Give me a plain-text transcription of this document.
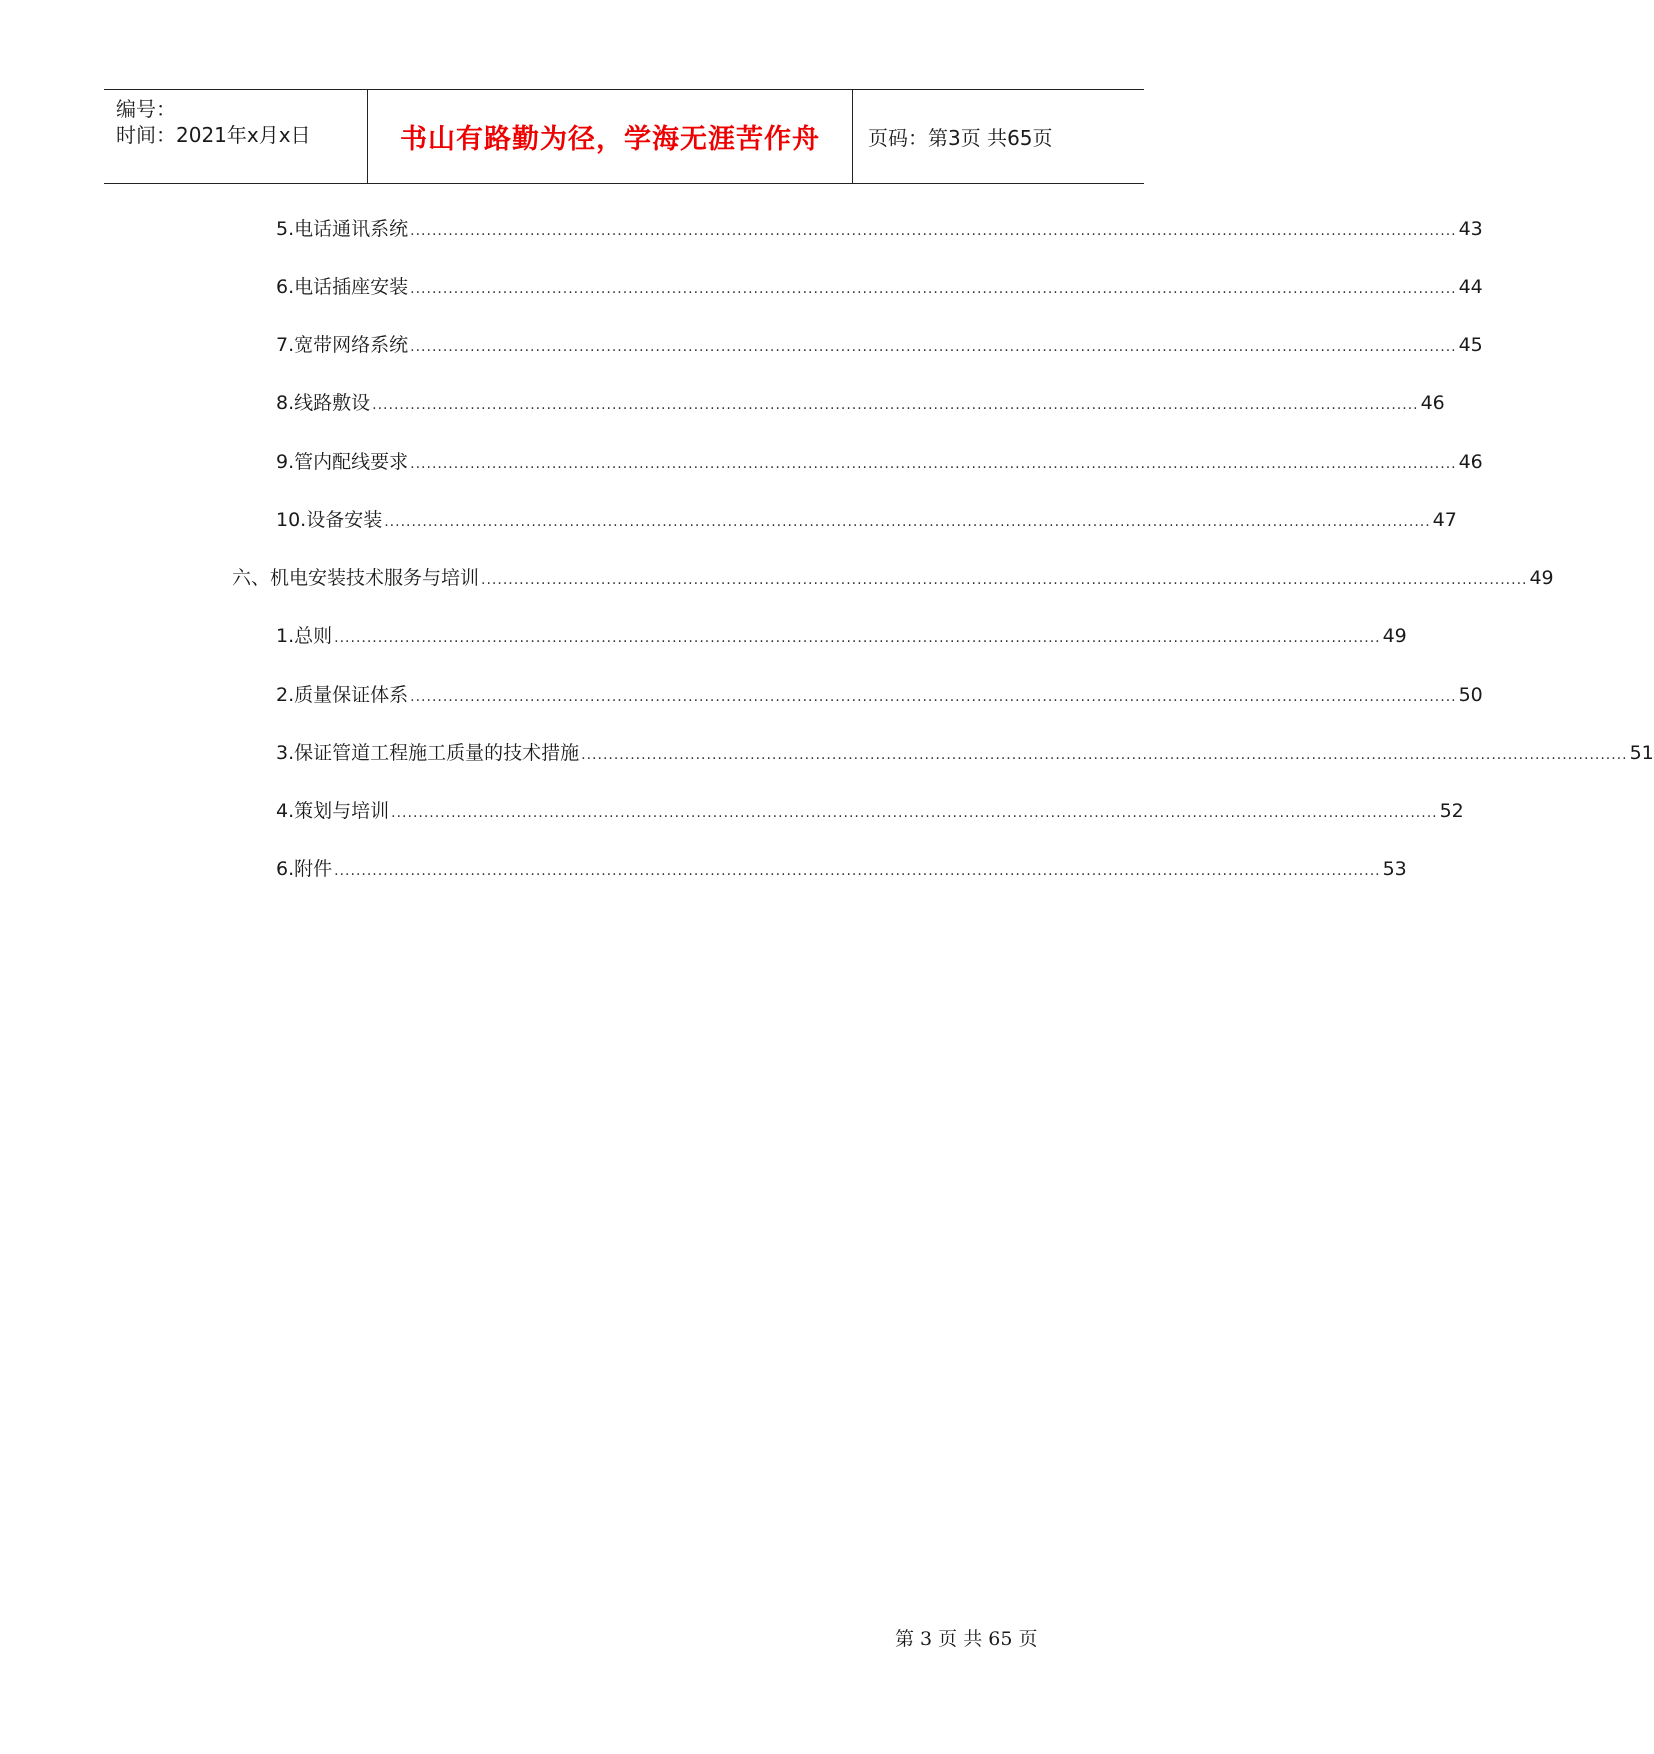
编号：
时间：2021年x月x日	书山有路勤为径，学海无涯苦作舟 页码：第3页 共65页
5. 电话通讯系统 ................................................................................................................................................................................................ 43
6. 电话插座安装 ................................................................................................................................................................................................ 44
7. 宽带网络系统 ................................................................................................................................................................................................ 45
8. 线路敷设 ................................................................................................................................................................................................ 46
9. 管内配线要求 ................................................................................................................................................................................................ 46
10. 设备安装 ................................................................................................................................................................................................ 47
六、 机电安装技术服务与培训 ................................................................................................................................................................................................ 49
1. 总则 ................................................................................................................................................................................................ 49
2. 质量保证体系 ................................................................................................................................................................................................ 50
3. 保证管道工程施工质量的技术措施 ................................................................................................................................................................................................ 51
4. 策划与培训 ................................................................................................................................................................................................ 52
6. 附件 ................................................................................................................................................................................................ 53
第 3 页 共 65 页
